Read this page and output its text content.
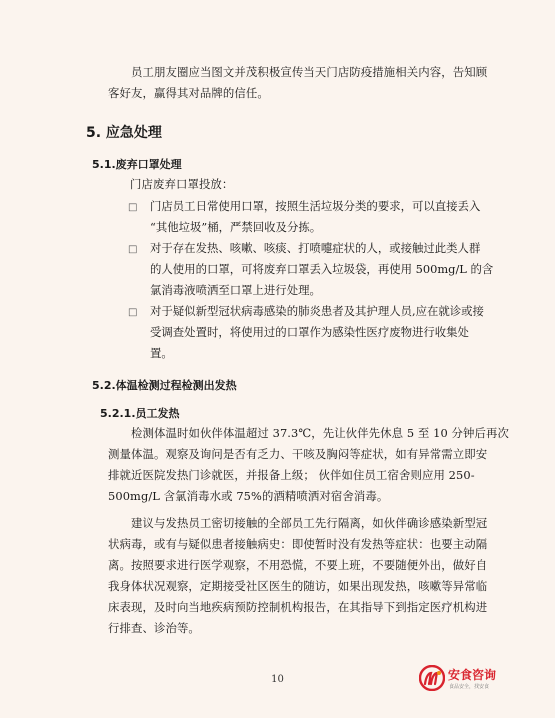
员工朋友圈应当图文并茂积极宣传当天门店防疫措施相关内容，告知顾
客好友，赢得其对品牌的信任。
5. 应急处理
5.1.废弃口罩处理
门店废弃口罩投放：
□ 门店员工日常使用口罩，按照生活垃圾分类的要求，可以直接丢入
“其他垃圾”桶，严禁回收及分拣。
□ 对于存在发热、咳嗽、咳痰、打喷嚏症状的人，或接触过此类人群
的人使用的口罩，可将废弃口罩丢入垃圾袋，再使用 500mg/L 的含
氯消毒液喷洒至口罩上进行处理。
□ 对于疑似新型冠状病毒感染的肺炎患者及其护理人员,应在就诊或接
受调查处置时，将使用过的口罩作为感染性医疗废物进行收集处
置。
5.2.体温检测过程检测出发热
5.2.1.员工发热
检测体温时如伙伴体温超过 37.3℃，先让伙伴先休息 5 至 10 分钟后再次
测量体温。观察及询问是否有乏力、干咳及胸闷等症状，如有异常需立即安
排就近医院发热门诊就医，并报备上级； 伙伴如住员工宿舍则应用 250-
500mg/L 含氯消毒水或 75%的酒精喷洒对宿舍消毒。
建议与发热员工密切接触的全部员工先行隔离，如伙伴确诊感染新型冠
状病毒，或有与疑似患者接触病史：即使暂时没有发热等症状：也要主动隔
离。按照要求进行医学观察，不用恐慌，不要上班，不要随便外出，做好自
我身体状况观察，定期接受社区医生的随访，如果出现发热，咳嗽等异常临
床表现，及时向当地疾病预防控制机构报告，在其指导下到指定医疗机构进
行排查、诊治等。
10	安食咨询
食品安全，找安食
